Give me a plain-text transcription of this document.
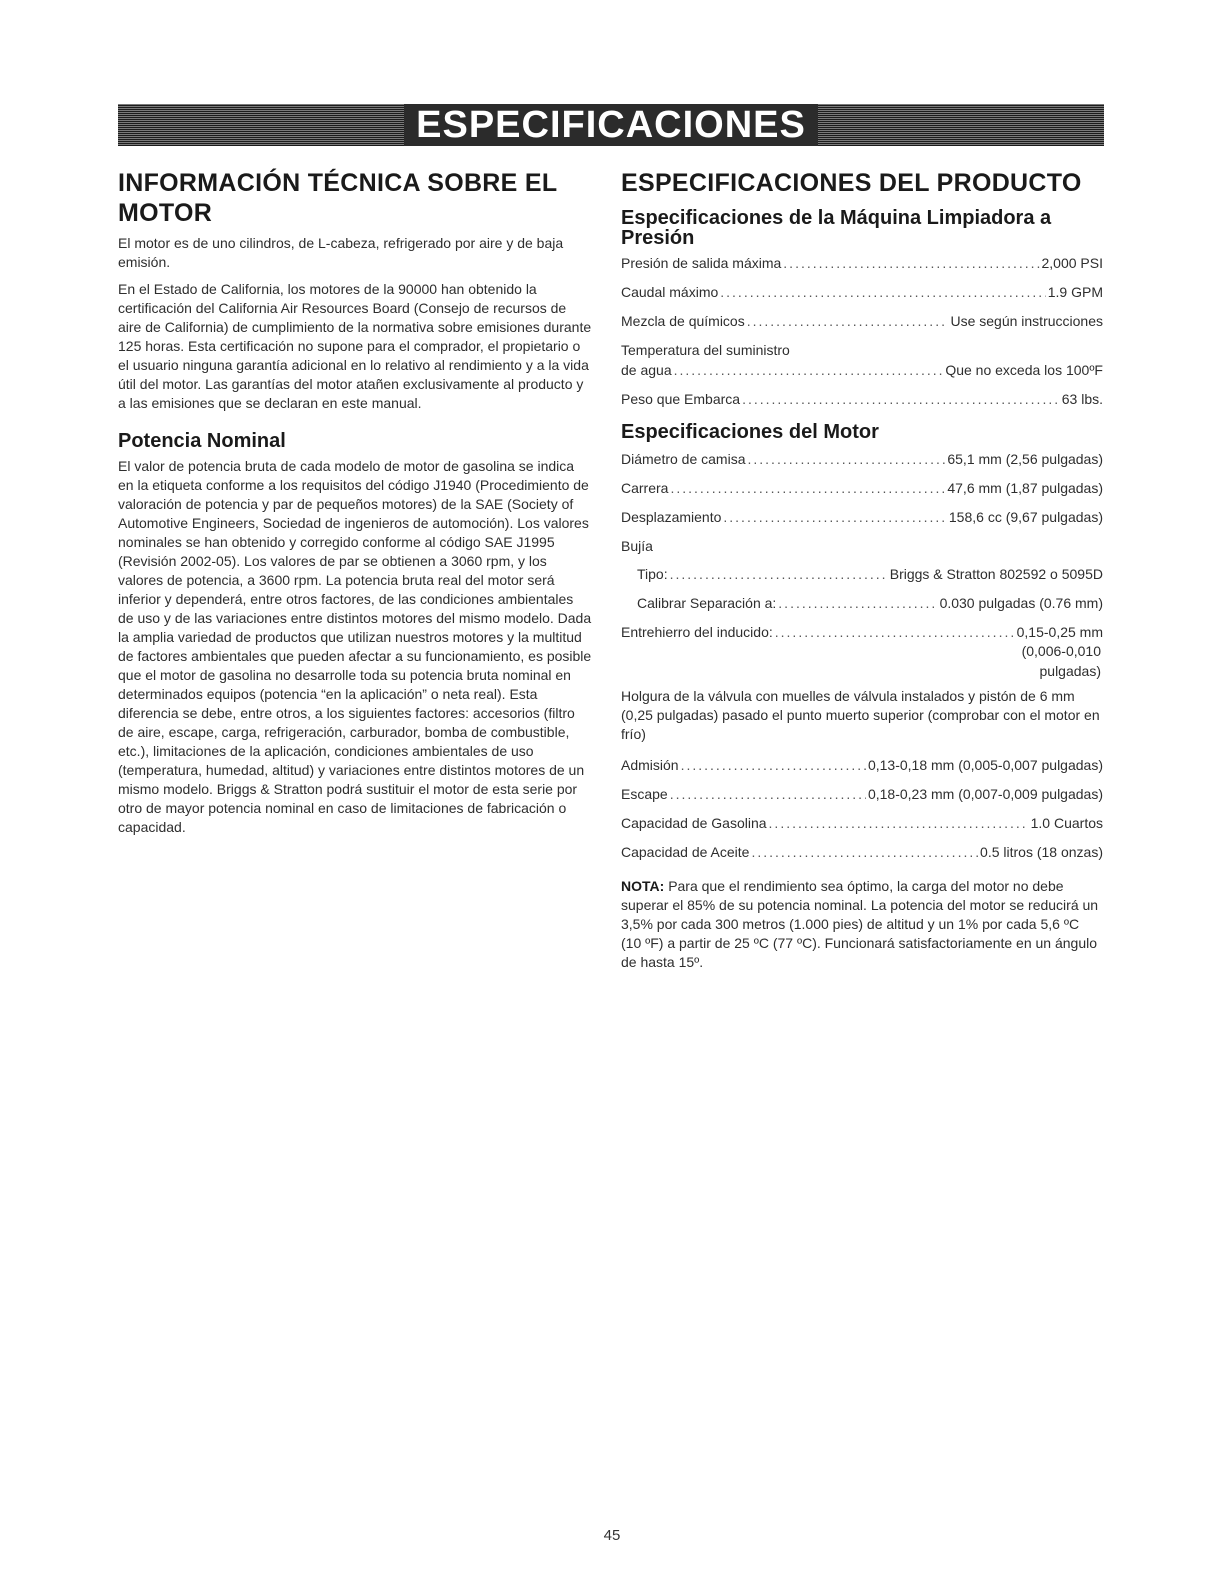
ESPECIFICACIONES
INFORMACIÓN TÉCNICA SOBRE EL MOTOR

El motor es de uno cilindros, de L-cabeza, refrigerado por aire y de baja emisión.

En el Estado de California, los motores de la 90000 han obtenido la certificación del California Air Resources Board (Consejo de recursos de aire de California) de cumplimiento de la normativa sobre emisiones durante 125 horas. Esta certificación no supone para el comprador, el propietario o el usuario ninguna garantía adicional en lo relativo al rendimiento y a la vida útil del motor. Las garantías del motor atañen exclusivamente al producto y a las emisiones que se declaran en este manual.

Potencia Nominal

El valor de potencia bruta de cada modelo de motor de gasolina se indica en la etiqueta conforme a los requisitos del código J1940 (Procedimiento de valoración de potencia y par de pequeños motores) de la SAE (Society of Automotive Engineers, Sociedad de ingenieros de automoción). Los valores nominales se han obtenido y corregido conforme al código SAE J1995 (Revisión 2002-05). Los valores de par se obtienen a 3060 rpm, y los valores de potencia, a 3600 rpm. La potencia bruta real del motor será inferior y dependerá, entre otros factores, de las condiciones ambientales de uso y de las variaciones entre distintos motores del mismo modelo. Dada la amplia variedad de productos que utilizan nuestros motores y la multitud de factores ambientales que pueden afectar a su funcionamiento, es posible que el motor de gasolina no desarrolle toda su potencia bruta nominal en determinados equipos (potencia “en la aplicación” o neta real). Esta diferencia se debe, entre otros, a los siguientes factores: accesorios (filtro de aire, escape, carga, refrigeración, carburador, bomba de combustible, etc.), limitaciones de la aplicación, condiciones ambientales de uso (temperatura, humedad, altitud) y variaciones entre distintos motores de un mismo modelo. Briggs & Stratton podrá sustituir el motor de esta serie por otro de mayor potencia nominal en caso de limitaciones de fabricación o capacidad.

ESPECIFICACIONES DEL PRODUCTO
Especificaciones de la Máquina Limpiadora a Presión
Presión de salida máxima .....	2,000 PSI
Caudal máximo .....	1.9 GPM
Mezcla de químicos .....	Use según instrucciones
Temperatura del suministro
de agua .....	Que no exceda los 100ºF
Peso que Embarca .....	63 lbs.
Especificaciones del Motor
Diámetro de camisa .....	65,1 mm (2,56 pulgadas)
Carrera .....	47,6 mm (1,87 pulgadas)
Desplazamiento .....	158,6 cc (9,67 pulgadas)
Bujía
Tipo: .....	Briggs & Stratton 802592 o 5095D
Calibrar Separación a: .....	0.030 pulgadas (0.76 mm)
Entrehierro del inducido: .....	0,15-0,25 mm
(0,006-0,010
pulgadas)

Holgura de la válvula con muelles de válvula instalados y pistón de 6 mm (0,25 pulgadas) pasado el punto muerto superior (comprobar con el motor en frío)

Admisión .....	0,13-0,18 mm (0,005-0,007 pulgadas)
Escape .....	0,18-0,23 mm (0,007-0,009 pulgadas)
Capacidad de Gasolina .....	1.0 Cuartos
Capacidad de Aceite .....	0.5 litros (18 onzas)
NOTA: Para que el rendimiento sea óptimo, la carga del motor no debe superar el 85% de su potencia nominal. La potencia del motor se reducirá un 3,5% por cada 300 metros (1.000 pies) de altitud y un 1% por cada 5,6 ºC (10 ºF) a partir de 25 ºC (77 ºC). Funcionará satisfactoriamente en un ángulo de hasta 15º.
45
